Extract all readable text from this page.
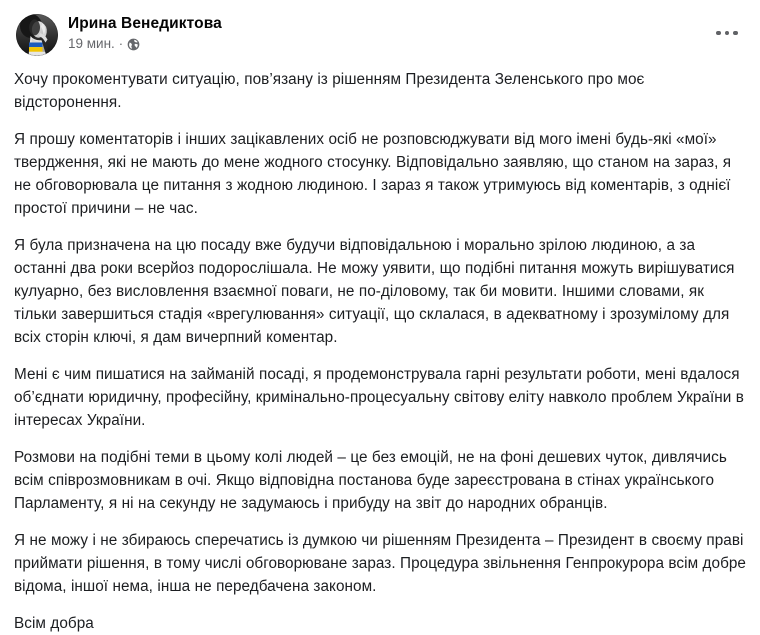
Ирина Венедиктова
19 мин. ·

Хочу прокоментувати ситуацію, пов’язану із рішенням Президента Зеленського про моє відсторонення.

Я прошу коментаторів і інших зацікавлених осіб не розповсюджувати від мого імені будь-які «мої» твердження, які не мають до мене жодного стосунку. Відповідально заявляю, що станом на зараз, я не обговорювала це питання з жодною людиною. І зараз я також утримуюсь від коментарів, з однієї простої причини – не час.

Я була призначена на цю посаду вже будучи відповідальною і морально зрілою людиною, а за останні два роки всерйоз подорослішала. Не можу уявити, що подібні питання можуть вирішуватися кулуарно, без висловлення взаємної поваги, не по-діловому, так би мовити. Іншими словами, як тільки завершиться стадія «врегулювання» ситуації, що склалася, в адекватному і зрозумілому для всіх сторін ключі, я дам вичерпний коментар.

Мені є чим пишатися на займаній посаді, я продемонструвала гарні результати роботи, мені вдалося об’єднати юридичну, професійну, кримінально-процесуальну світову еліту навколо проблем України в інтересах України.

Розмови на подібні теми в цьому колі людей – це без емоцій, не на фоні дешевих чуток, дивлячись всім співрозмовникам в очі. Якщо відповідна постанова буде зареєстрована в стінах українського Парламенту, я ні на секунду не задумаюсь і прибуду на звіт до народних обранців.

Я не можу і не збираюсь сперечатись із думкою чи рішенням Президента – Президент в своєму праві приймати рішення, в тому числі обговорюване зараз. Процедура звільнення Генпрокурора всім добре відома, іншої нема, інша не передбачена законом.

Всім добра
